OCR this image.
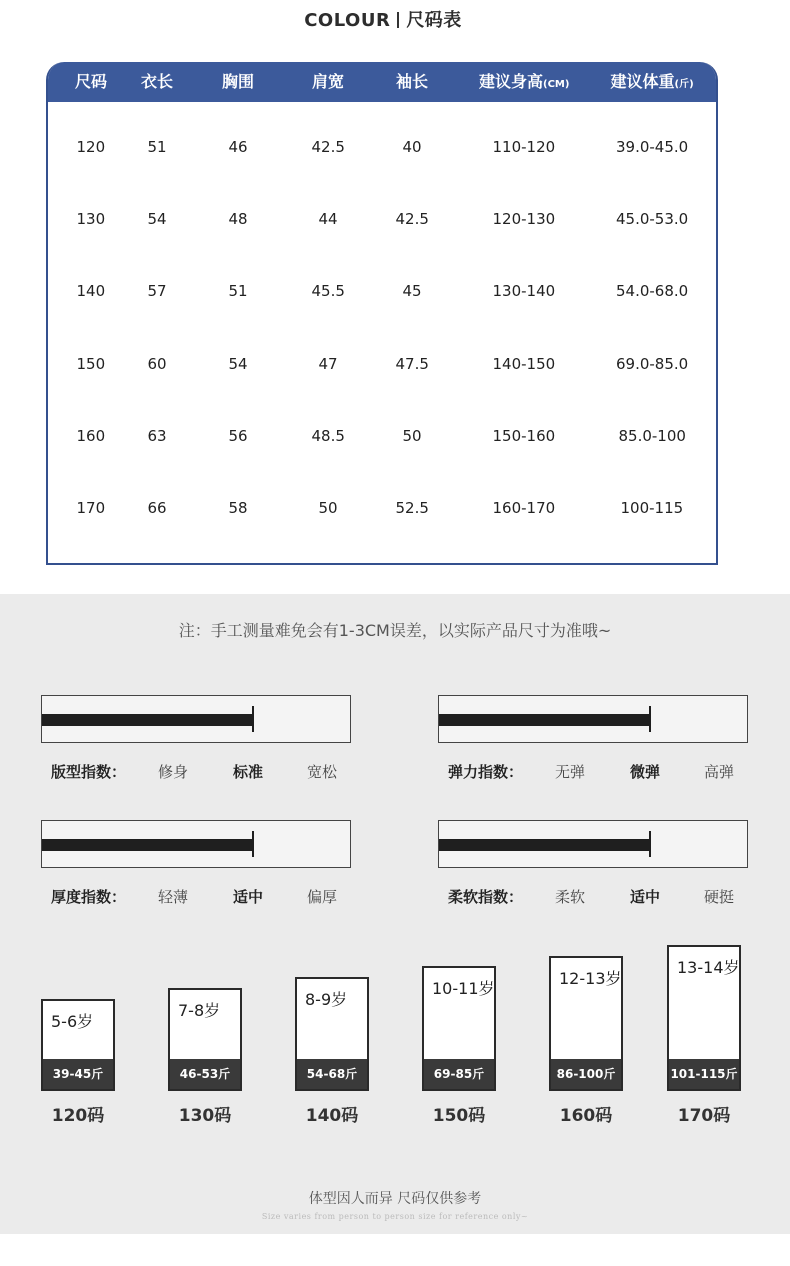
COLOUR 尺码表
尺码 衣长	胸围	肩宽	袖长	建议身高(CM)	建议体重(斤)
120	51	46	42.5	40	110-120	39.0-45.0
130	54	48	44	42.5	120-130	45.0-53.0
140	57	51	45.5	45	130-140	54.0-68.0
150	60	54	47	47.5	140-150	69.0-85.0
160	63	56	48.5	50	150-160	85.0-100
170	66	58	50	52.5	160-170	100-115
注：手工测量难免会有1-3CM误差，以实际产品尺寸为准哦~
版型指数： 修身	标准	宽松	弹力指数： 无弹	微弹	高弹
厚度指数： 轻薄	适中	偏厚	柔软指数： 柔软	适中	硬挺
5-6岁
39-45斤
120码
7-8岁
46-53斤
130码
8-9岁
54-68斤
140码
10-11岁
69-85斤
150码
12-13岁
86-100斤
160码
13-14岁
101-115斤
170码
体型因人而异 尺码仅供参考
Size varies from person to person size for reference only~
